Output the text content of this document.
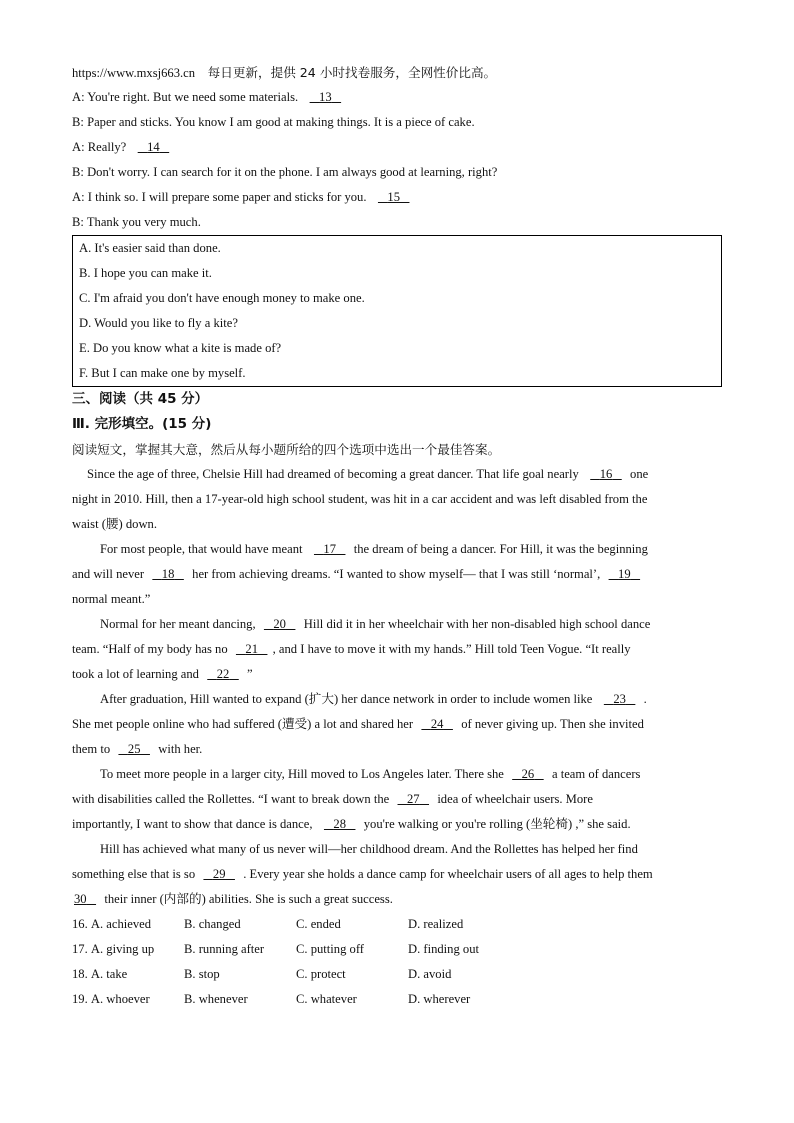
https://www.mxsj663.cn 每日更新，提供 24 小时找卷服务，全网性价比高。
A: You're right. But we need some materials. 13
B: Paper and sticks. You know I am good at making things. It is a piece of cake.
A: Really? 14
B: Don't worry. I can search for it on the phone. I am always good at learning, right?
A: I think so. I will prepare some paper and sticks for you. 15
B: Thank you very much.
A. It's easier said than done.
B. I hope you can make it.
C. I'm afraid you don't have enough money to make one.
D. Would you like to fly a kite?
E. Do you know what a kite is made of?
F. But I can make one by myself.
三、阅读（共 45 分）
Ⅲ. 完形填空。(15 分)
阅读短文，掌握其大意，然后从每小题所给的四个选项中选出一个最佳答案。
Since the age of three, Chelsie Hill had dreamed of becoming a great dancer. That life goal nearly 16 one
night in 2010. Hill, then a 17-year-old high school student, was hit in a car accident and was left disabled from the
waist (腰) down.
For most people, that would have meant 17 the dream of being a dancer. For Hill, it was the beginning
and will never 18 her from achieving dreams. “I wanted to show myself— that I was still ‘normal’, 19
normal meant.”
Normal for her meant dancing, 20 Hill did it in her wheelchair with her non-disabled high school dance
team. “Half of my body has no 21 , and I have to move it with my hands.” Hill told Teen Vogue. “It really
took a lot of learning and 22 ”
After graduation, Hill wanted to expand (扩大) her dance network in order to include women like 23 .
She met people online who had suffered (遭受) a lot and shared her 24 of never giving up. Then she invited
them to 25 with her.
To meet more people in a larger city, Hill moved to Los Angeles later. There she 26 a team of dancers
with disabilities called the Rollettes. “I want to break down the 27 idea of wheelchair users. More
importantly, I want to show that dance is dance, 28 you're walking or you're rolling (坐轮椅) ,” she said.
Hill has achieved what many of us never will—her childhood dream. And the Rollettes has helped her find
something else that is so 29 . Every year she holds a dance camp for wheelchair users of all ages to help them
30 their inner (内部的) abilities. She is such a great success.
16. A. achieved	B. changed	C. ended	D. realized
17. A. giving up	B. running after	C. putting off	D. finding out
18. A. take	B. stop	C. protect	D. avoid
19. A. whoever	B. whenever	C. whatever	D. wherever
